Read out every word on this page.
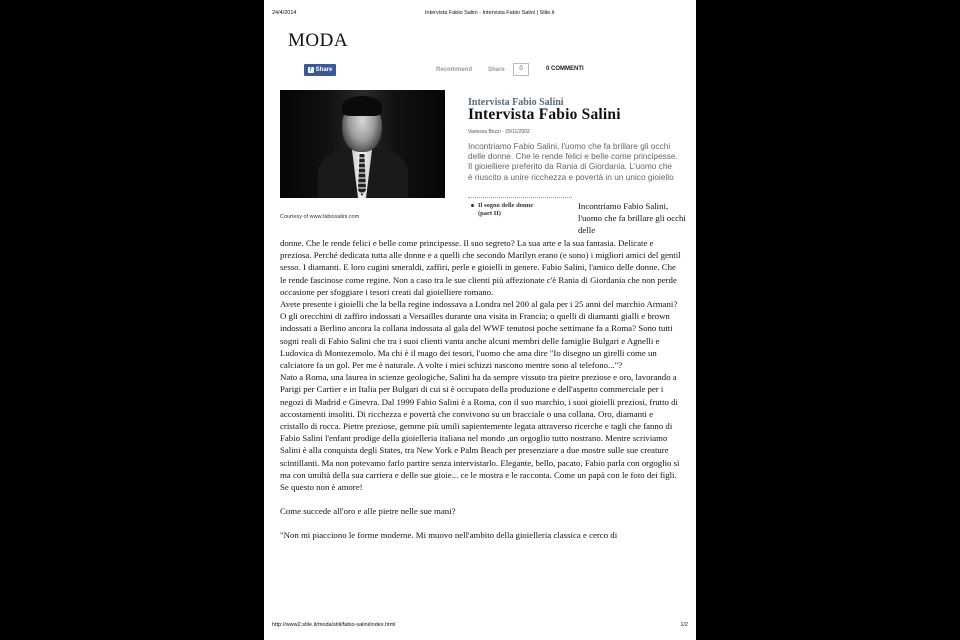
24/4/2014	Intervista Fabio Salini - Intervista Fabio Salini | Stile.it
MODA
f Share	Recommend	Share	0	0 COMMENTI
Courtesy of www.fabiosalini.com
Intervista Fabio Salini
Intervista Fabio Salini
Vanessa Bozzi - 29/11/2002
Incontriamo Fabio Salini, l'uomo che fa brillare gli occhi delle donne. Che le rende felici e belle come principesse. Il gioielliere preferito da Rania di Giordania. L'uomo che è riuscito a unire ricchezza e povertà in un unico gioiello
Il sogno delle donne
(part II)
Incontriamo Fabio Salini, l'uomo che fa brillare gli occhi delle

donne. Che le rende felici e belle come principesse. Il suo segreto? La sua arte e la sua fantasia. Delicate e preziosa. Perché dedicata tutta alle donne e a quelli che secondo Marilyn erano (e sono) i migliori amici del gentil sesso. I diamanti. E loro cugini smeraldi, zaffiri, perle e gioielli in genere. Fabio Salini, l'amico delle donne. Che le rende fascinose come regine. Non a caso tra le sue clienti più affezionate c'è Rania di Giordania che non perde occasione per sfoggiare i tesori creati dal gioielliere romano.

Avete presente i gioielli che la bella regine indossava a Londra nel 200 al gala per i 25 anni del marchio Armani? O gli orecchini di zaffiro indossati a Versailles durante una visita in Francia; o quelli di diamanti gialli e brown indossati a Berlino ancora la collana indossata al gala del WWF tenutosi poche settimane fa a Roma? Sono tutti sogni reali di Fabio Salini che tra i suoi clienti vanta anche alcuni membri delle famiglie Bulgari e Agnelli e Ludovica di Montezemolo. Ma chi è il mago dei tesori, l'uomo che ama dire "Io disegno un girelli come un calciatore fa un gol. Per me è naturale. A volte i miei schizzi nascono mentre sono al telefono..."?

Nato a Roma, una laurea in scienze geologiche, Salini ha da sempre vissuto tra pietre preziose e oro, lavorando a Parigi per Cartier e in Italia per Bulgari di cui si è occupato della produzione e dell'aspetto commerciale per i negozi di Madrid e Ginevra. Dal 1999 Fabio Salini è a Roma, con il suo marchio, i suoi gioielli preziosi, frutto di accostamenti insoliti. Di ricchezza e povertà che convivono su un bracciale o una collana. Oro, diamanti e cristallo di rocca. Pietre preziose, gemme più umili sapientemente legata attraverso ricerche e tagli che fanno di Fabio Salini l'enfant prodige della gioielleria italiana nel mondo ,un orgoglio tutto nostrano. Mentre scriviamo Salini è alla conquista degli States, tra New York e Palm Beach per presenziare a due mostre sulle sue creature scintillanti. Ma non potevamo farlo partire senza intervistarlo. Elegante, bello, pacato, Fabio parla con orgoglio sì ma con umiltà della sua carriera e delle sue gioie... ce le mostra e le racconta. Come un papà con le foto dei figli. Se questo non è amore!

Come succede all'oro e alle pietre nelle sue mani?

"Non mi piacciono le forme moderne. Mi muovo nell'ambito della gioielleria classica e cerco di

http://www2.stile.it/moda/stili/fabio-salini/index.html	1/2
